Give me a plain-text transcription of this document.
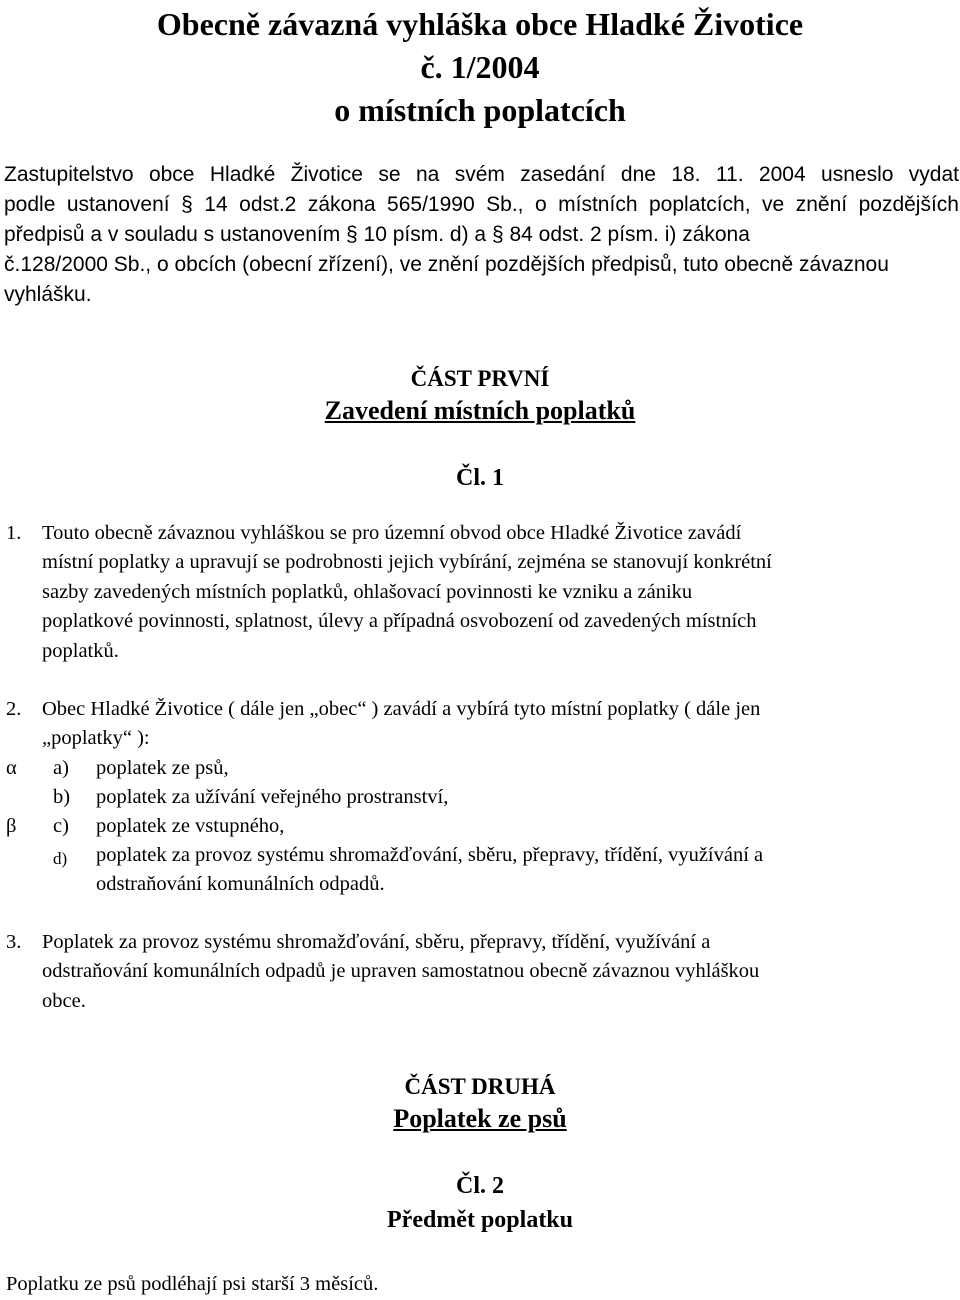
Obecně závazná vyhláška obce Hladké Životice
č. 1/2004
o místních poplatcích

Zastupitelstvo obce Hladké Životice se na svém zasedání dne 18. 11. 2004 usneslo vydat

podle ustanovení § 14 odst.2 zákona 565/1990 Sb., o místních poplatcích, ve znění pozdějších

předpisů a v souladu s ustanovením § 10 písm. d) a § 84 odst. 2 písm. i) zákona

č.128/2000 Sb., o obcích (obecní zřízení), ve znění pozdějších předpisů, tuto obecně závaznou

vyhlášku.

ČÁST PRVNÍ
Zavedení místních poplatků
Čl. 1
1. Touto obecně závaznou vyhláškou se pro územní obvod obce Hladké Životice zavádí
místní poplatky a upravují se podrobnosti jejich vybírání, zejména se stanovují konkrétní
sazby zavedených místních poplatků, ohlašovací povinnosti ke vzniku a zániku
poplatkové povinnosti, splatnost, úlevy a případná osvobození od zavedených místních
poplatků.
2. Obec Hladké Životice ( dále jen „obec“ ) zavádí a vybírá tyto místní poplatky ( dále jen
„poplatky“ ):
α a) poplatek ze psů,
b) poplatek za užívání veřejného prostranství,
β c) poplatek ze vstupného,
d) poplatek za provoz systému shromažďování, sběru, přepravy, třídění, využívání a
odstraňování komunálních odpadů.
3. Poplatek za provoz systému shromažďování, sběru, přepravy, třídění, využívání a
odstraňování komunálních odpadů je upraven samostatnou obecně závaznou vyhláškou
obce.
ČÁST DRUHÁ
Poplatek ze psů
Čl. 2
Předmět poplatku
Poplatku ze psů podléhají psi starší 3 měsíců.
